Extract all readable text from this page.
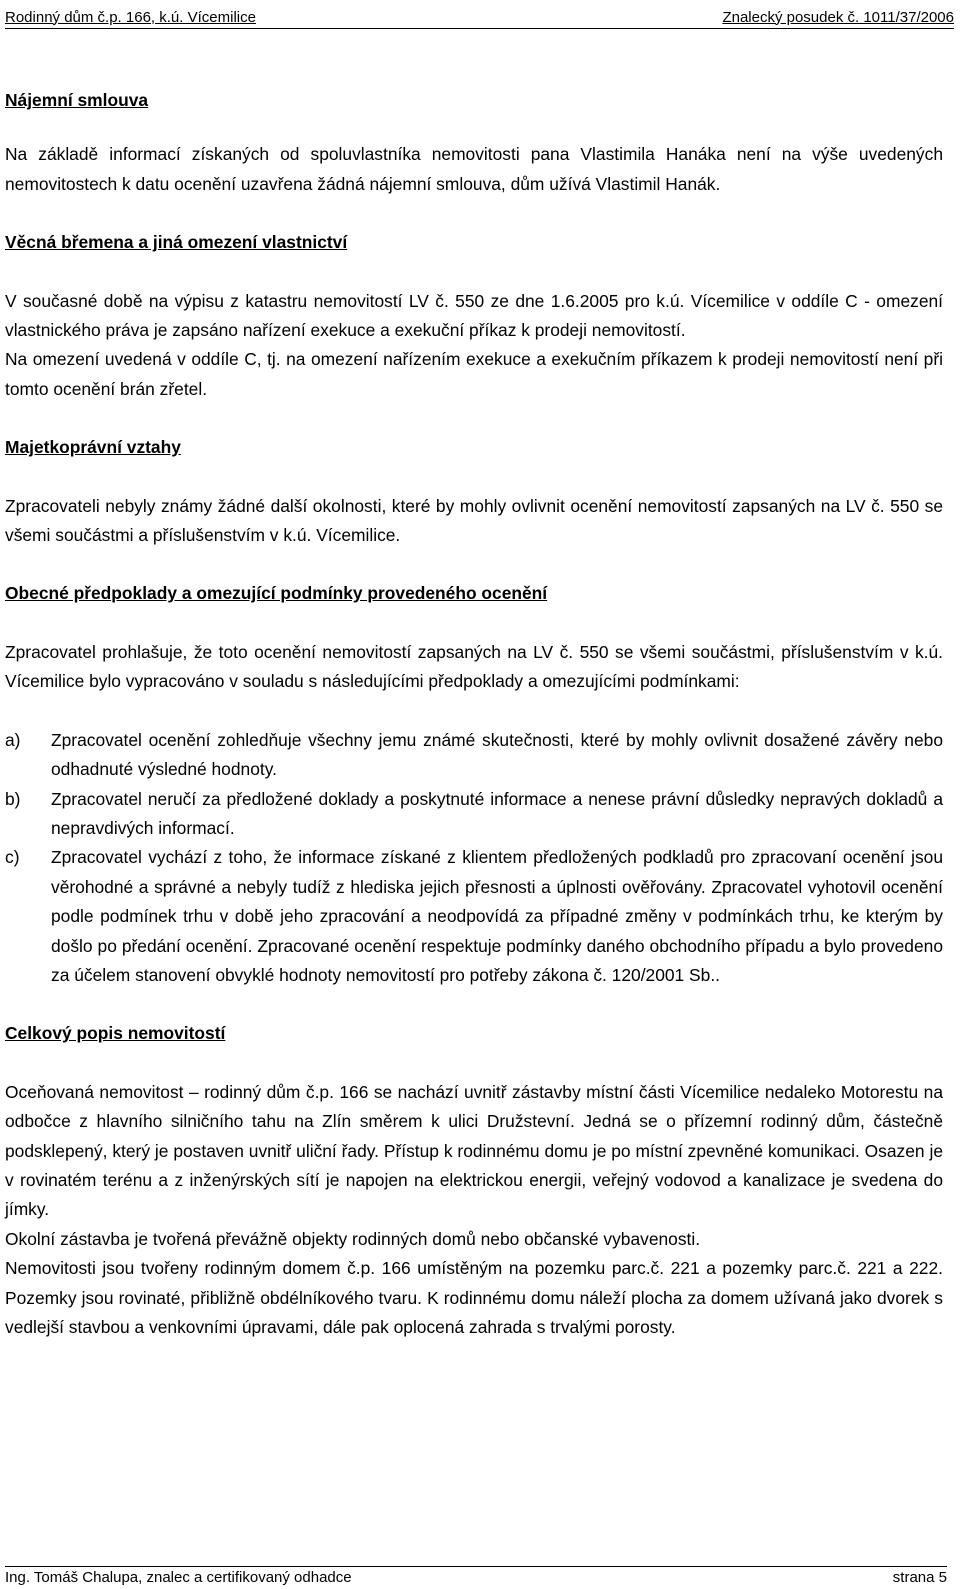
Rodinný dům č.p. 166, k.ú. Vícemilice	Znalecký posudek č. 1011/37/2006
Nájemní smlouva

Na základě informací získaných od spoluvlastníka nemovitosti pana Vlastimila Hanáka není na výše uvedených nemovitostech k datu ocenění uzavřena žádná nájemní smlouva, dům užívá Vlastimil Hanák.

Věcná břemena a jiná omezení vlastnictví

V současné době na výpisu z katastru nemovitostí LV č. 550 ze dne 1.6.2005 pro k.ú. Vícemilice v oddíle C - omezení vlastnického práva je zapsáno nařízení exekuce a exekuční příkaz k prodeji nemovitostí.

Na omezení uvedená v oddíle C, tj. na omezení nařízením exekuce a exekučním příkazem k prodeji nemovitostí není při tomto ocenění brán zřetel.

Majetkoprávní vztahy

Zpracovateli nebyly známy žádné další okolnosti, které by mohly ovlivnit ocenění nemovitostí zapsaných na LV č. 550 se všemi součástmi a příslušenstvím v k.ú. Vícemilice.

Obecné předpoklady a omezující podmínky provedeného ocenění

Zpracovatel prohlašuje, že toto ocenění nemovitostí zapsaných na LV č. 550 se všemi součástmi, příslušenstvím v k.ú. Vícemilice bylo vypracováno v souladu s následujícími předpoklady a omezujícími podmínkami:

a)	Zpracovatel ocenění zohledňuje všechny jemu známé skutečnosti, které by mohly ovlivnit dosažené závěry nebo odhadnuté výsledné hodnoty.
b)	Zpracovatel neručí za předložené doklady a poskytnuté informace a nenese právní důsledky nepravých dokladů a nepravdivých informací.
c)	Zpracovatel vychází z toho, že informace získané z klientem předložených podkladů pro zpracovaní ocenění jsou věrohodné a správné a nebyly tudíž z hlediska jejich přesnosti a úplnosti ověřovány. Zpracovatel vyhotovil ocenění podle podmínek trhu v době jeho zpracování a neodpovídá za případné změny v podmínkách trhu, ke kterým by došlo po předání ocenění. Zpracované ocenění respektuje podmínky daného obchodního případu a bylo provedeno za účelem stanovení obvyklé hodnoty nemovitostí pro potřeby zákona č. 120/2001 Sb..
Celkový popis nemovitostí

Oceňovaná nemovitost – rodinný dům č.p. 166 se nachází uvnitř zástavby místní části Vícemilice nedaleko Motorestu na odbočce z hlavního silničního tahu na Zlín směrem k ulici Družstevní. Jedná se o přízemní rodinný dům, částečně podsklepený, který je postaven uvnitř uliční řady. Přístup k rodinnému domu je po místní zpevněné komunikaci. Osazen je v rovinatém terénu a z inženýrských sítí je napojen na elektrickou energii, veřejný vodovod a kanalizace je svedena do jímky.

Okolní zástavba je tvořená převážně objekty rodinných domů nebo občanské vybavenosti.

Nemovitosti jsou tvořeny rodinným domem č.p. 166 umístěným na pozemku parc.č. 221 a pozemky parc.č. 221 a 222. Pozemky jsou rovinaté, přibližně obdélníkového tvaru. K rodinnému domu náleží plocha za domem užívaná jako dvorek s vedlejší stavbou a venkovními úpravami, dále pak oplocená zahrada s trvalými porosty.

Ing. Tomáš Chalupa, znalec a certifikovaný odhadce	strana 5
